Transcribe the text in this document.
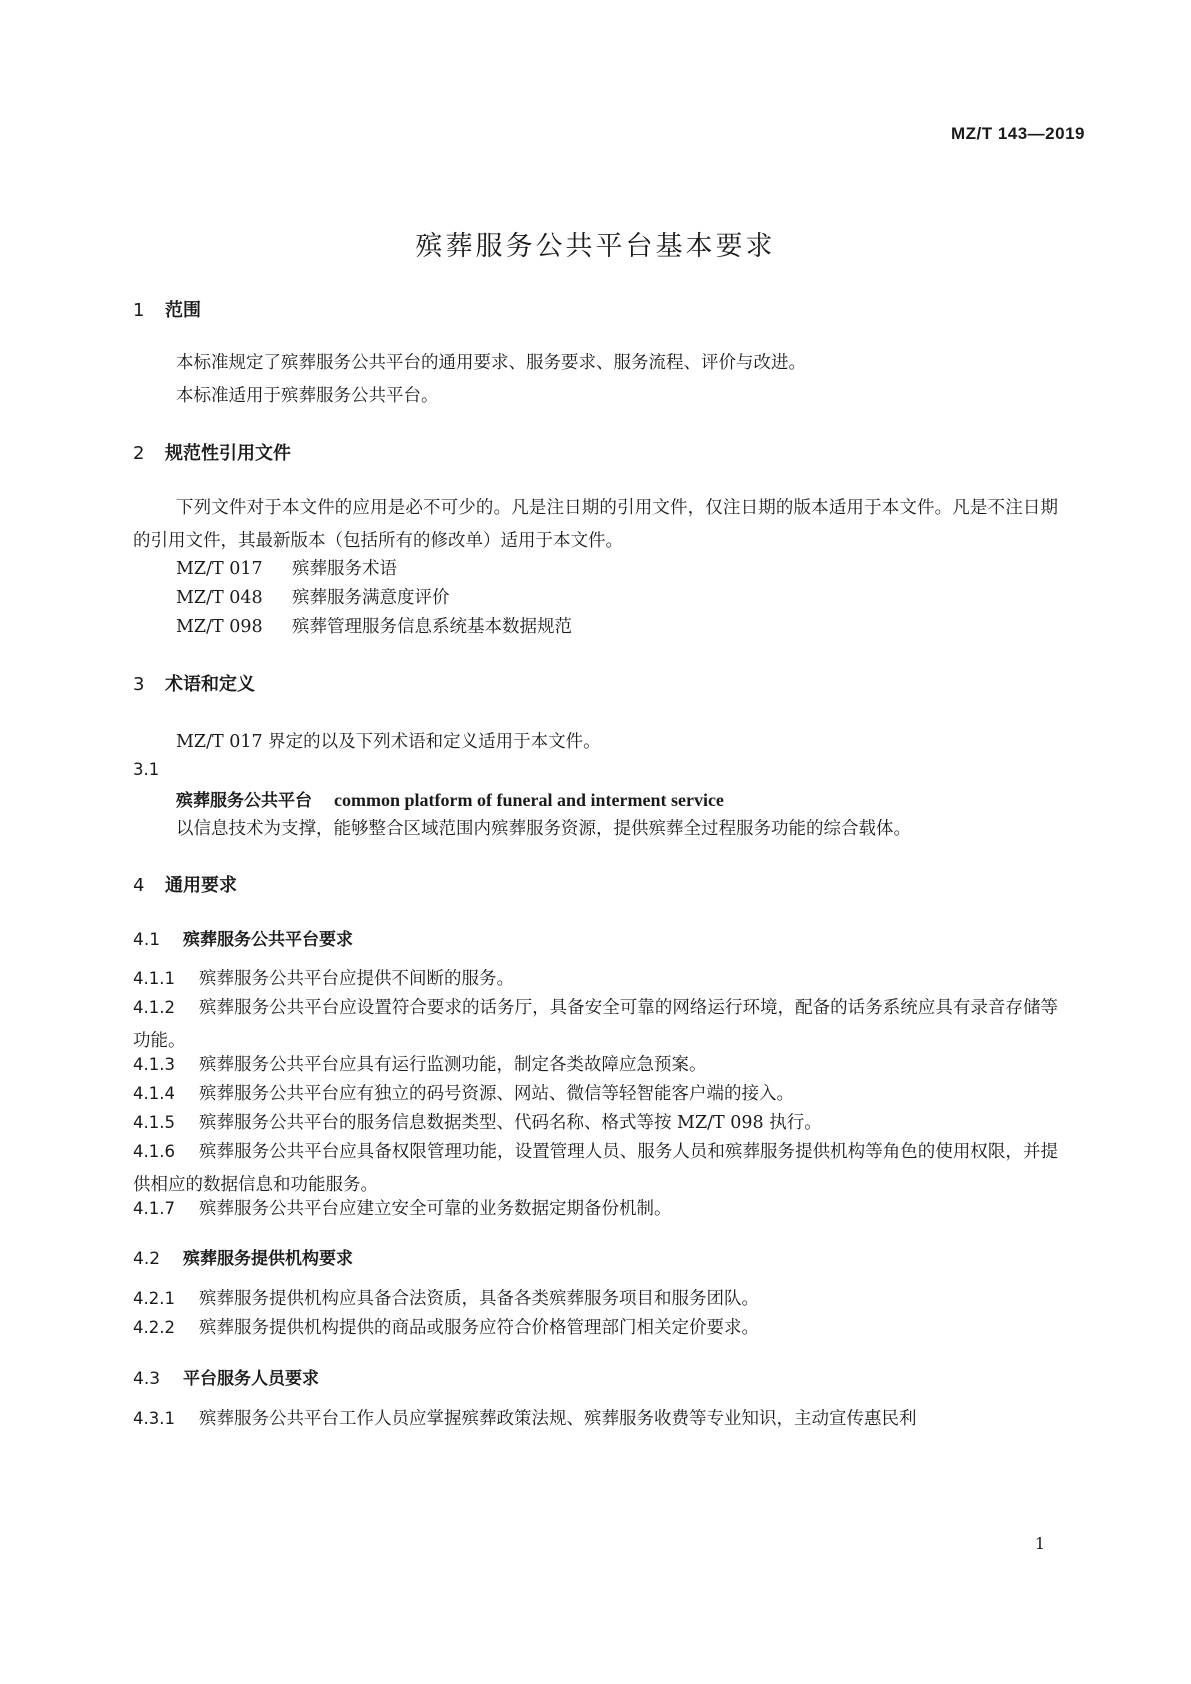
MZ/T 143—2019
殡葬服务公共平台基本要求
1 范围
本标准规定了殡葬服务公共平台的通用要求、服务要求、服务流程、评价与改进。
本标准适用于殡葬服务公共平台。
2 规范性引用文件
下列文件对于本文件的应用是必不可少的。凡是注日期的引用文件，仅注日期的版本适用于本文件。凡是不注日期的引用文件，其最新版本（包括所有的修改单）适用于本文件。
MZ/T 017 殡葬服务术语
MZ/T 048 殡葬服务满意度评价
MZ/T 098 殡葬管理服务信息系统基本数据规范
3 术语和定义
MZ/T 017 界定的以及下列术语和定义适用于本文件。
3.1
殡葬服务公共平台 common platform of funeral and interment service
以信息技术为支撑，能够整合区域范围内殡葬服务资源，提供殡葬全过程服务功能的综合载体。
4 通用要求
4.1 殡葬服务公共平台要求
4.1.1 殡葬服务公共平台应提供不间断的服务。
4.1.2 殡葬服务公共平台应设置符合要求的话务厅，具备安全可靠的网络运行环境，配备的话务系统应具有录音存储等功能。
4.1.3 殡葬服务公共平台应具有运行监测功能，制定各类故障应急预案。
4.1.4 殡葬服务公共平台应有独立的码号资源、网站、微信等轻智能客户端的接入。
4.1.5 殡葬服务公共平台的服务信息数据类型、代码名称、格式等按 MZ/T 098 执行。
4.1.6 殡葬服务公共平台应具备权限管理功能，设置管理人员、服务人员和殡葬服务提供机构等角色的使用权限，并提供相应的数据信息和功能服务。
4.1.7 殡葬服务公共平台应建立安全可靠的业务数据定期备份机制。
4.2 殡葬服务提供机构要求
4.2.1 殡葬服务提供机构应具备合法资质，具备各类殡葬服务项目和服务团队。
4.2.2 殡葬服务提供机构提供的商品或服务应符合价格管理部门相关定价要求。
4.3 平台服务人员要求
4.3.1 殡葬服务公共平台工作人员应掌握殡葬政策法规、殡葬服务收费等专业知识，主动宣传惠民利
1
